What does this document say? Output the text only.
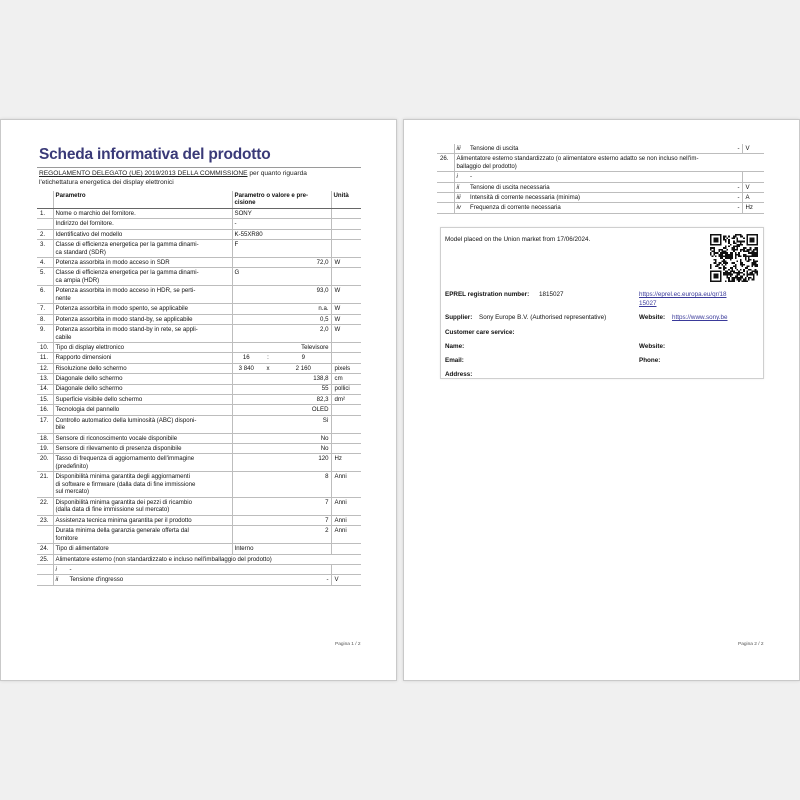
Scheda informativa del prodotto
REGOLAMENTO DELEGATO (UE) 2019/2013 DELLA COMMISSIONE per quanto riguarda
l'etichettatura energetica dei display elettronici
	Parametro	Parametro o valore e pre-
cisione			Unità
1.	Nome o marchio del fornitore.	SONY			
	Indirizzo del fornitore.	-			
2.	Identificativo del modello	K-55XR80			
3.	Classe di efficienza energetica per la gamma dinami-
ca standard (SDR)	F			
4.	Potenza assorbita in modo acceso in SDR	72,0			W
5.	Classe di efficienza energetica per la gamma dinami-
ca ampia (HDR)	G			
6.	Potenza assorbita in modo acceso in HDR, se perti-
nente	93,0			W
7.	Potenza assorbita in modo spento, se applicabile	n.a.			W
8.	Potenza assorbita in modo stand-by, se applicabile	0,5			W
9.	Potenza assorbita in modo stand-by in rete, se appli-
cabile	2,0			W
10.	Tipo di display elettronico	Televisore			
11.	Rapporto dimensioni	16	:	9	
12.	Risoluzione dello schermo	3 840	x	2 160	pixels
13.	Diagonale dello schermo	138,8			cm
14.	Diagonale dello schermo	55			pollici
15.	Superficie visibile dello schermo	82,3			dm²
16.	Tecnologia del pannello	OLED			
17.	Controllo automatico della luminosità (ABC) disponi-
bile	Sì			
18.	Sensore di riconoscimento vocale disponibile	No			
19.	Sensore di rilevamento di presenza disponibile	No			
20.	Tasso di frequenza di aggiornamento dell'immagine
(predefinito)	120			Hz
21.	Disponibilità minima garantita degli aggiornamenti
di software e firmware (dalla data di fine immissione
sul mercato)	8			Anni
22.	Disponibilità minima garantita dei pezzi di ricambio
(dalla data di fine immissione sul mercato)	7			Anni
23.	Assistenza tecnica minima garantita per il prodotto	7			Anni
	Durata minima della garanzia generale offerta dal
fornitore	2			Anni
24.	Tipo di alimentatore	Interno			
25.	Alimentatore esterno (non standardizzato e incluso nell'imballaggio del prodotto)				
	i -				
	ii Tensione d'ingresso			-	V
Pagina 1 / 2
	iii	Tensione di uscita	-	V
26.	Alimentatore esterno standardizzato (o alimentatore esterno adatto se non incluso nell'im-
ballaggio del prodotto)			
	i	-		
	ii	Tensione di uscita necessaria	-	V
	iii	Intensità di corrente necessaria (minima)	-	A
	iv	Frequenza di corrente necessaria	-	Hz
Model placed on the Union market from 17/06/2024.
EPREL registration number: 1815027	https://eprel.ec.europa.eu/qr/18
15027
Supplier: Sony Europe B.V. (Authorised representative)	Website: https://www.sony.be
Customer care service:
Name:	Website:
Email:	Phone:
Address:
Pagina 2 / 2
